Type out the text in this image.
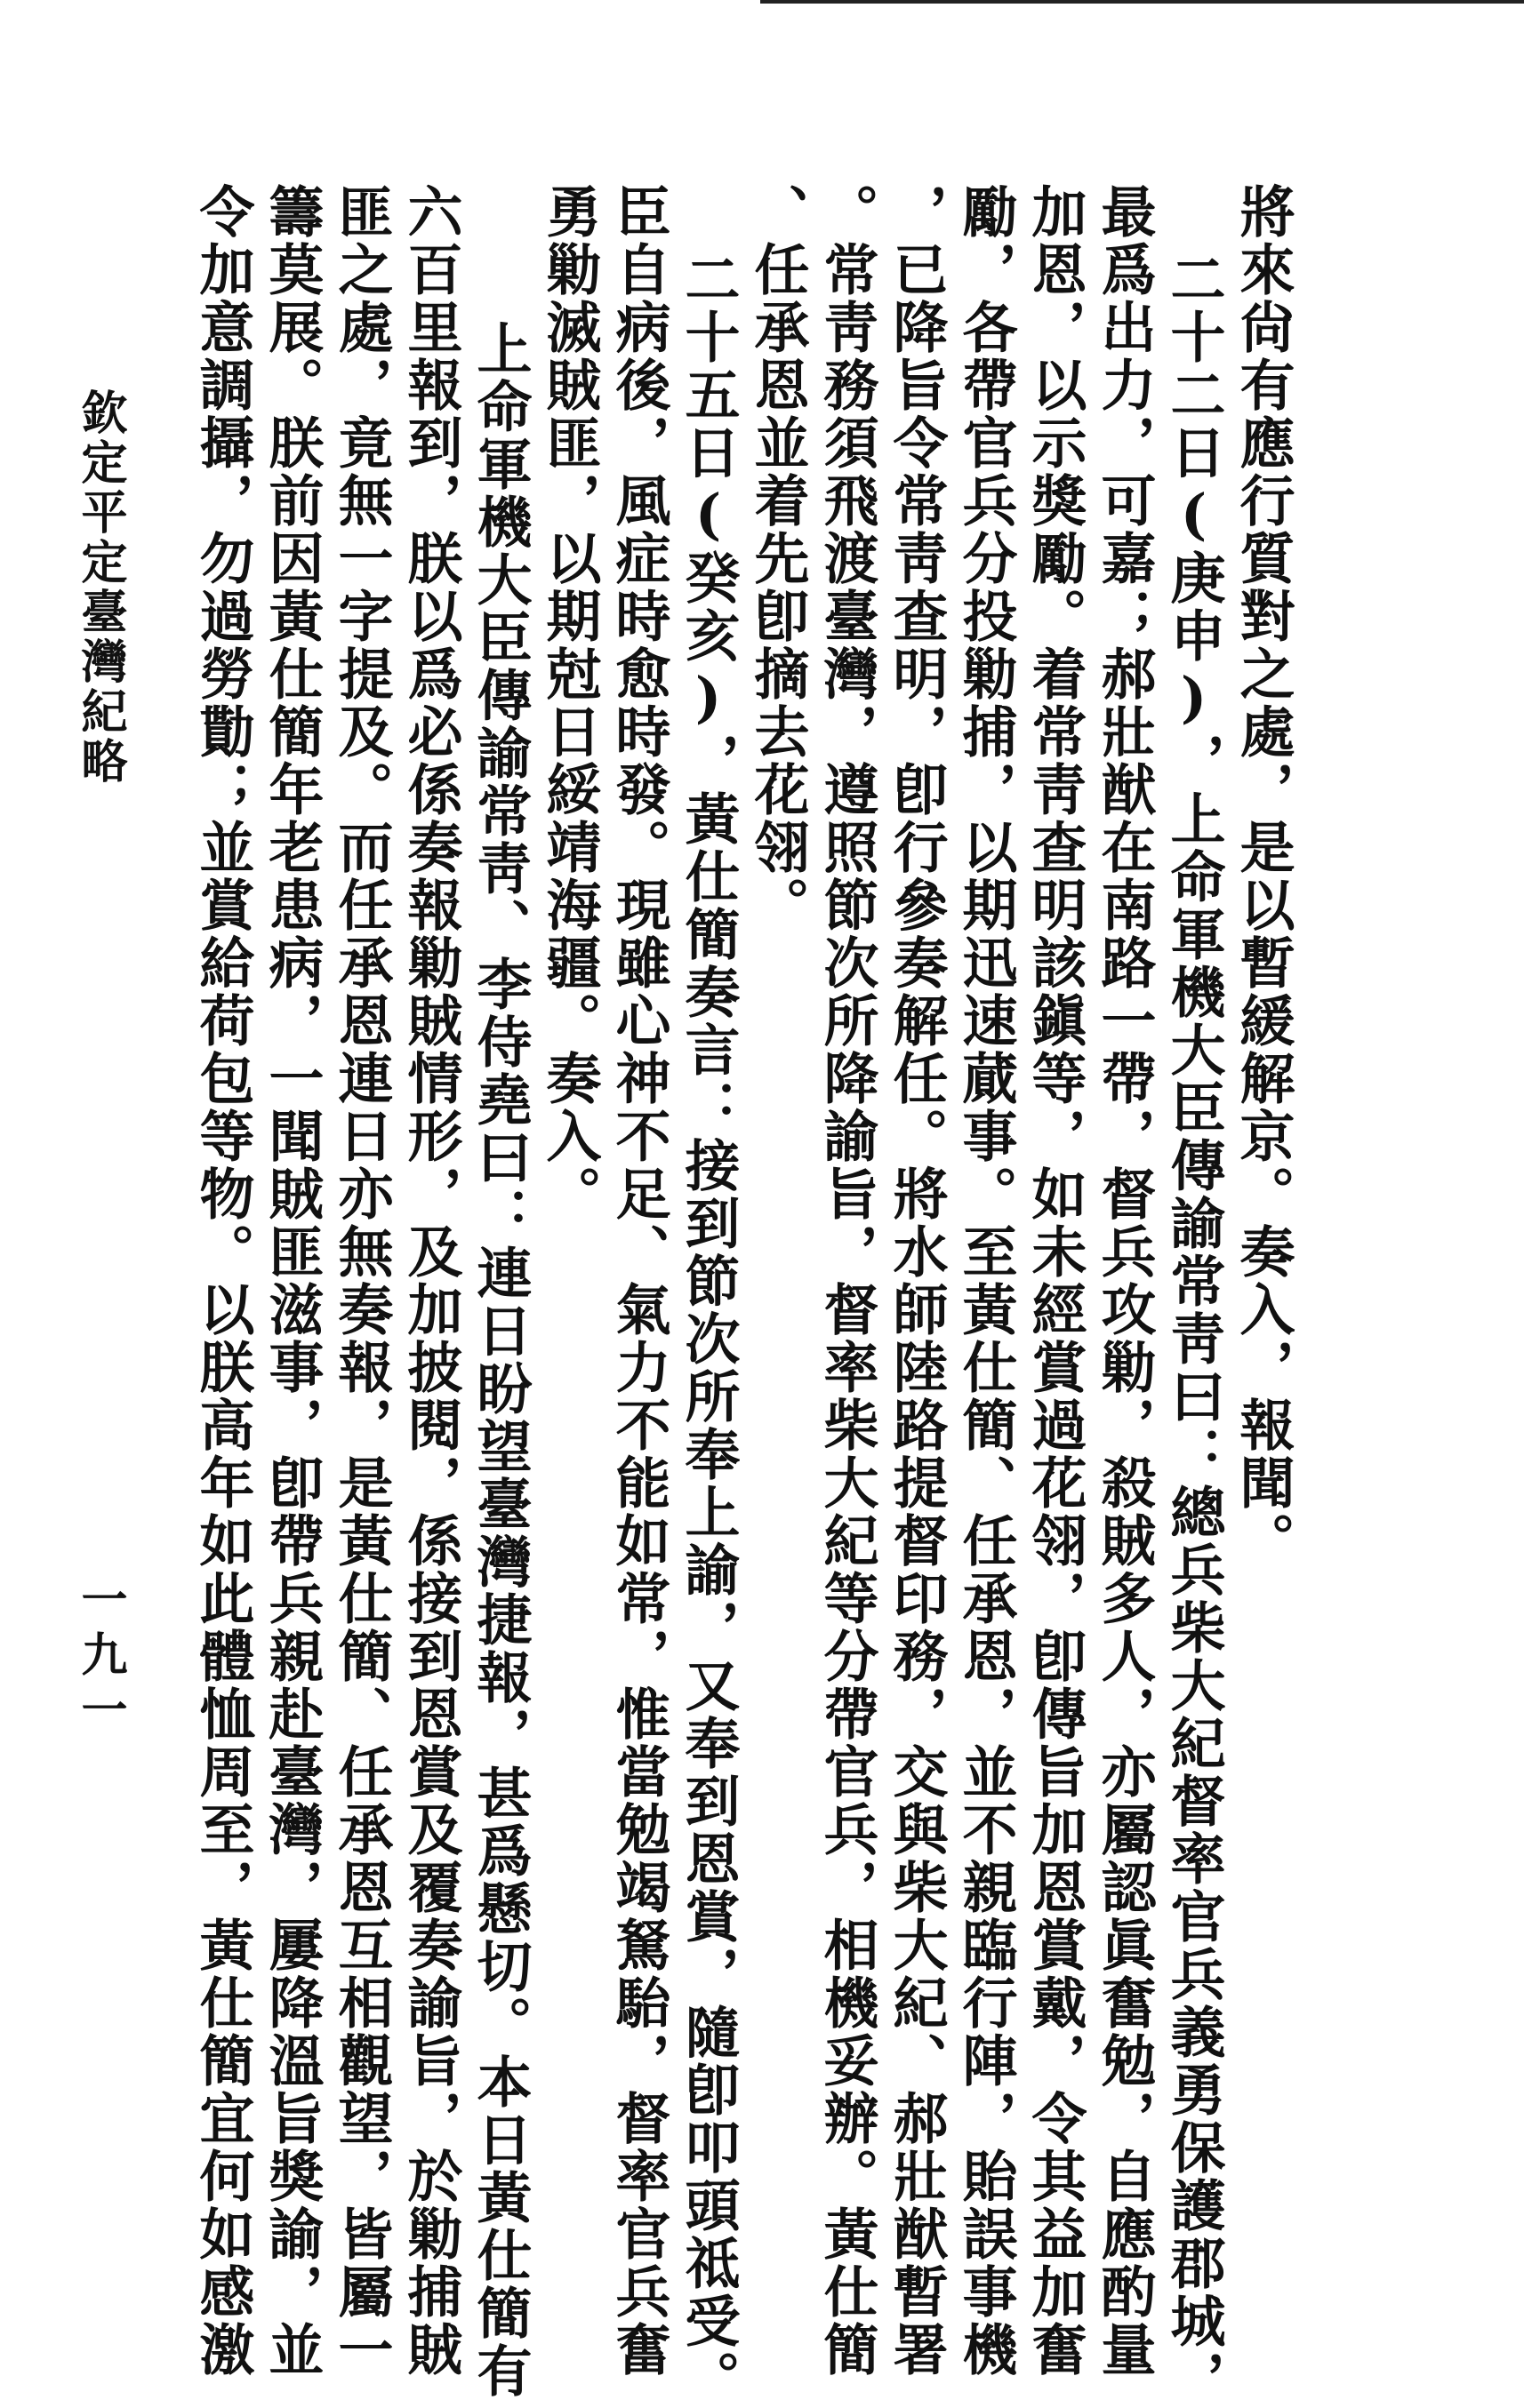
將來尙有應行質對之處，是以暫緩解京。奏入，報聞。
二十二日(庚申)，上命軍機大臣傳諭常靑曰：總兵柴大紀督率官兵義勇保護郡城，
最爲出力，可嘉；郝壯猷在南路一帶，督兵攻勦，殺賊多人，亦屬認眞奮勉，自應酌量
加恩，以示獎勵。着常靑查明該鎭等，如未經賞過花翎，卽傳旨加恩賞戴，令其益加奮
勵，各帶官兵分投勦捕，以期迅速蕆事。至黃仕簡、任承恩，並不親臨行陣，貽誤事機
，已降旨令常靑查明，卽行參奏解任。將水師陸路提督印務，交與柴大紀、郝壯猷暫署
。常靑務須飛渡臺灣，遵照節次所降諭旨，督率柴大紀等分帶官兵，相機妥辦。黃仕簡
、任承恩並着先卽摘去花翎。
二十五日(癸亥)，黃仕簡奏言：接到節次所奉上諭，又奉到恩賞，隨卽叩頭祗受。
臣自病後，風症時愈時發。現雖心神不足、氣力不能如常，惟當勉竭駑駘，督率官兵奮
勇勦滅賊匪，以期尅日綏靖海疆。奏入。
上命軍機大臣傳諭常靑、李侍堯曰：連日盼望臺灣捷報，甚爲懸切。本日黃仕簡有
六百里報到，朕以爲必係奏報勦賊情形，及加披閱，係接到恩賞及覆奏諭旨，於勦捕賊
匪之處，竟無一字提及。而任承恩連日亦無奏報，是黃仕簡、任承恩互相觀望，皆屬一
籌莫展。朕前因黃仕簡年老患病，一聞賊匪滋事，卽帶兵親赴臺灣，屢降溫旨獎諭，並
令加意調攝，勿過勞勩；並賞給荷包等物。以朕高年如此體恤周至，黃仕簡宜何如感激
欽定平定臺灣紀略
一九一
